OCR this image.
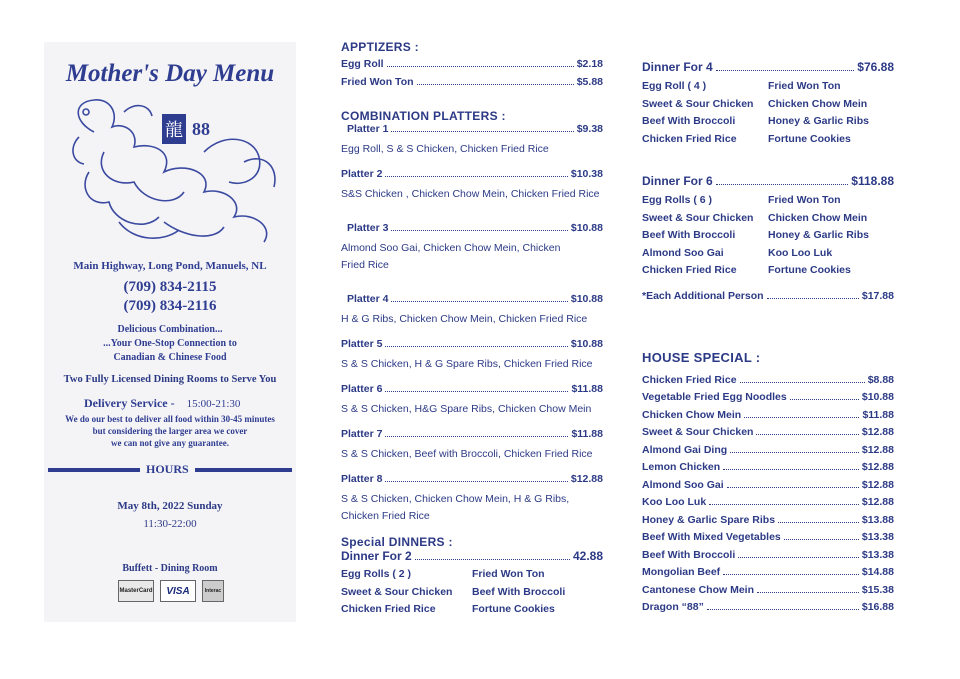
Mother's Day Menu
龍 88
Main Highway, Long Pond, Manuels, NL
(709) 834-2115
(709) 834-2116
Delicious Combination...
...Your One-Stop Connection to
Canadian & Chinese Food
Two Fully Licensed Dining Rooms to Serve You
Delivery Service - 15:00-21:30
We do our best to deliver all food within 30-45 minutes
but considering the larger area we cover
we can not give any guarantee.
HOURS
May 8th, 2022 Sunday
11:30-22:00
Buffett - Dining Room
MasterCard	VISA	Interac
APPTIZERS :
Egg Roll	$2.18
Fried Won Ton	$5.88
COMBINATION PLATTERS :
Platter 1	$9.38
Egg Roll, S & S Chicken, Chicken Fried Rice
Platter 2	$10.38
S&S Chicken , Chicken Chow Mein, Chicken Fried Rice
Platter 3	$10.88
Almond Soo Gai, Chicken Chow Mein, Chicken Fried Rice
Platter 4	$10.88
H & G Ribs, Chicken Chow Mein, Chicken Fried Rice
Platter 5	$10.88
S & S Chicken, H & G Spare Ribs, Chicken Fried Rice
Platter 6	$11.88
S & S Chicken, H&G Spare Ribs, Chicken Chow Mein
Platter 7	$11.88
S & S Chicken, Beef with Broccoli, Chicken Fried Rice
Platter 8	$12.88
S & S Chicken, Chicken Chow Mein, H & G Ribs, Chicken Fried Rice
Special DINNERS :
Dinner For 2	42.88
Egg Rolls ( 2 )	Fried Won Ton
Sweet & Sour Chicken	Beef With Broccoli
Chicken Fried Rice	Fortune Cookies
Dinner For 4	$76.88
Egg Roll ( 4 )	Fried Won Ton
Sweet & Sour Chicken	Chicken Chow Mein
Beef With Broccoli	Honey & Garlic Ribs
Chicken Fried Rice	Fortune Cookies
Dinner For 6	$118.88
Egg Rolls ( 6 )	Fried Won Ton
Sweet & Sour Chicken	Chicken Chow Mein
Beef With Broccoli	Honey & Garlic Ribs
Almond Soo Gai	Koo Loo Luk
Chicken Fried Rice	Fortune Cookies
*Each Additional Person	$17.88
HOUSE SPECIAL :
Chicken Fried Rice	$8.88
Vegetable Fried Egg Noodles	$10.88
Chicken Chow Mein	$11.88
Sweet & Sour Chicken	$12.88
Almond Gai Ding	$12.88
Lemon Chicken	$12.88
Almond Soo Gai	$12.88
Koo Loo Luk	$12.88
Honey & Garlic Spare Ribs	$13.88
Beef With Mixed Vegetables	$13.38
Beef With Broccoli	$13.38
Mongolian Beef	$14.88
Cantonese Chow Mein	$15.38
Dragon “88”	$16.88
